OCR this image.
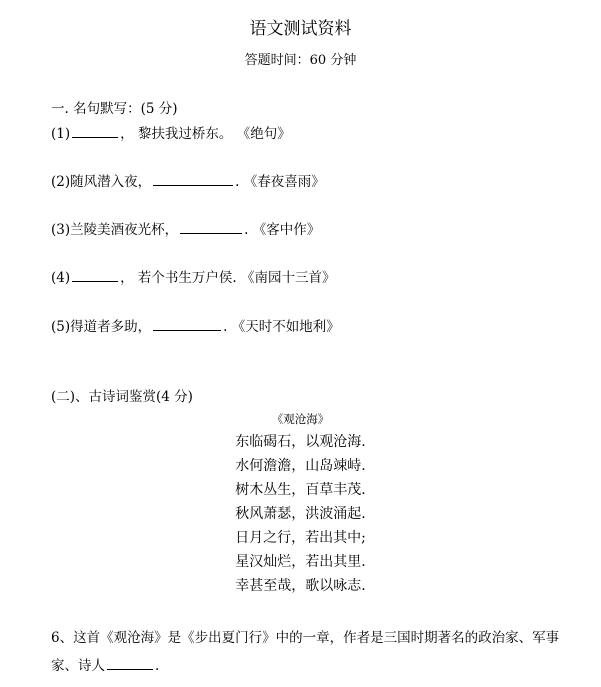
语文测试资料
答题时间：60 分钟
一. 名句默写：(5 分)
(1)	， 黎扶我过桥东。 《绝句》
(2)随风潜入夜，	. 《春夜喜雨》
(3)兰陵美酒夜光杯，	. 《客中作》
(4)	， 若个书生万户侯. 《南园十三首》
(5)得道者多助，	. 《天时不如地利》
(二)、古诗词鉴赏(4 分)
《观沧海》
东临碣石，以观沧海.
水何澹澹，山岛竦峙.
树木丛生，百草丰茂.
秋风萧瑟，洪波涌起.
日月之行，若出其中;
星汉灿烂，若出其里.
幸甚至哉，歌以咏志.
6、这首《观沧海》是《步出夏门行》中的一章，作者是三国时期著名的政治家、军事家、诗人	.
